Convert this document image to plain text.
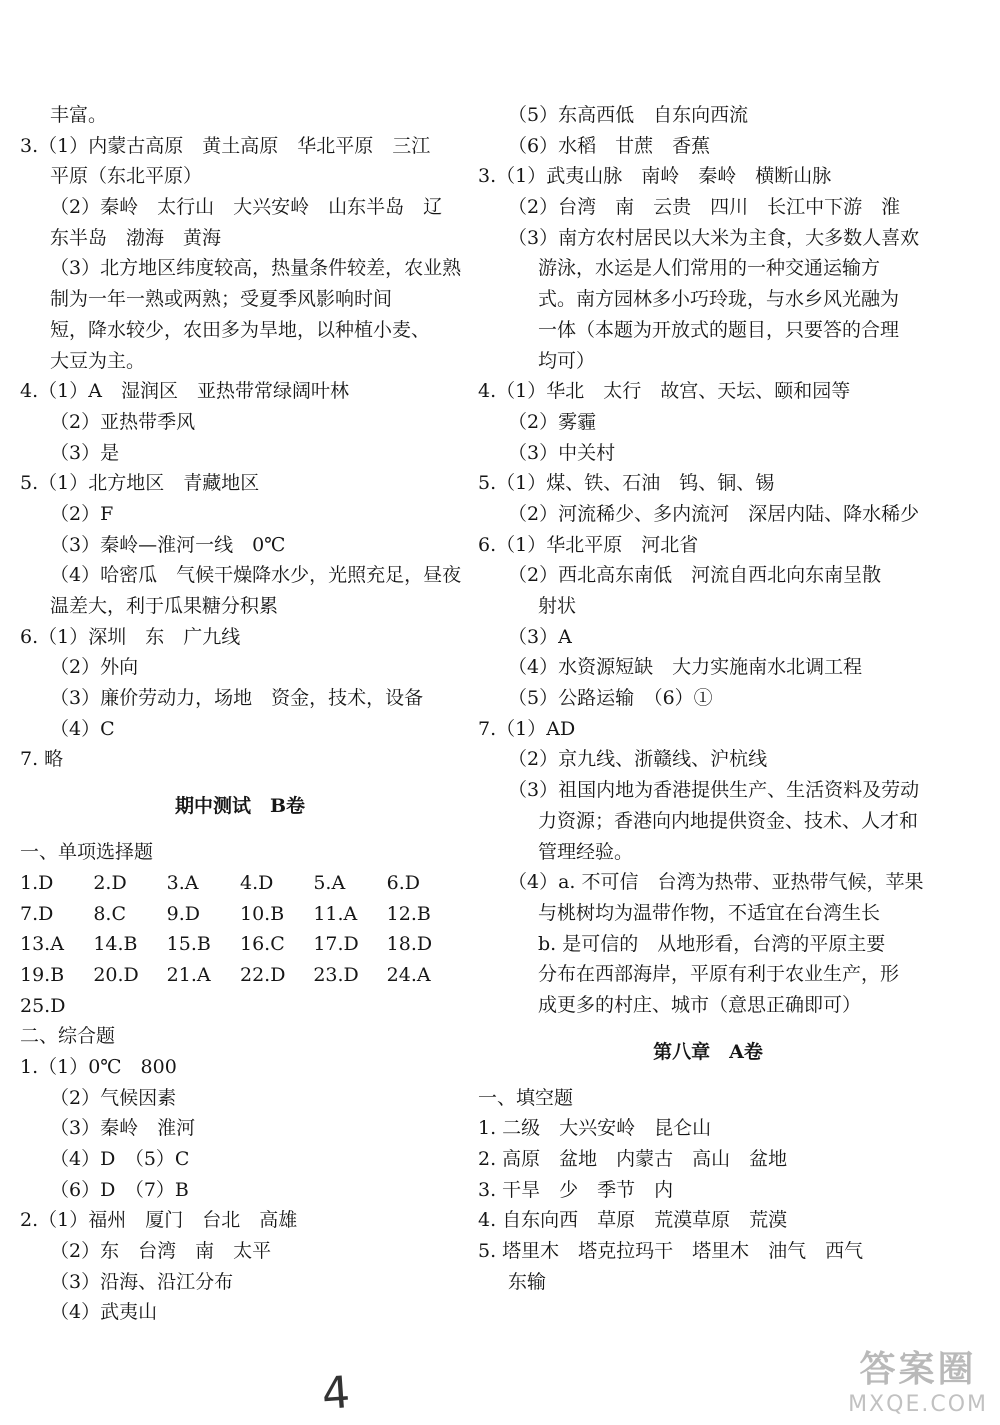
丰富。
3.（1）内蒙古高原　黄土高原　华北平原　三江
平原（东北平原）
（2）秦岭　太行山　大兴安岭　山东半岛　辽
东半岛　渤海　黄海
（3）北方地区纬度较高，热量条件较差，农业熟
制为一年一熟或两熟；受夏季风影响时间
短，降水较少，农田多为旱地，以种植小麦、
大豆为主。
4.（1）A　湿润区　亚热带常绿阔叶林
（2）亚热带季风
（3）是
5.（1）北方地区　青藏地区
（2）F
（3）秦岭—淮河一线　0℃
（4）哈密瓜　气候干燥降水少，光照充足，昼夜
温差大，利于瓜果糖分积累
6.（1）深圳　东　广九线
（2）外向
（3）廉价劳动力，场地　资金，技术，设备
（4）C
7. 略
期中测试　B卷
一、单项选择题
1.D	2.D	3.A	4.D	5.A	6.D
7.D	8.C	9.D	10.B	11.A	12.B
13.A	14.B	15.B	16.C	17.D	18.D
19.B	20.D	21.A	22.D	23.D	24.A
25.D
二、综合题
1.（1）0℃　800
（2）气候因素
（3）秦岭　淮河
（4）D　（5）C
（6）D　（7）B
2.（1）福州　厦门　台北　高雄
（2）东　台湾　南　太平
（3）沿海、沿江分布
（4）武夷山
（5）东高西低　自东向西流
（6）水稻　甘蔗　香蕉
3.（1）武夷山脉　南岭　秦岭　横断山脉
（2）台湾　南　云贵　四川　长江中下游　淮
（3）南方农村居民以大米为主食，大多数人喜欢
游泳，水运是人们常用的一种交通运输方
式。南方园林多小巧玲珑，与水乡风光融为
一体（本题为开放式的题目，只要答的合理
均可）
4.（1）华北　太行　故宫、天坛、颐和园等
（2）雾霾
（3）中关村
5.（1）煤、铁、石油　钨、铜、锡
（2）河流稀少、多内流河　深居内陆、降水稀少
6.（1）华北平原　河北省
（2）西北高东南低　河流自西北向东南呈散
射状
（3）A
（4）水资源短缺　大力实施南水北调工程
（5）公路运输　（6）①
7.（1）AD
（2）京九线、浙赣线、沪杭线
（3）祖国内地为香港提供生产、生活资料及劳动
力资源；香港向内地提供资金、技术、人才和
管理经验。
（4）a. 不可信　台湾为热带、亚热带气候，苹果
与桃树均为温带作物，不适宜在台湾生长
b. 是可信的　从地形看，台湾的平原主要
分布在西部海岸，平原有利于农业生产，形
成更多的村庄、城市（意思正确即可）
第八章　A卷
一、填空题
1. 二级　大兴安岭　昆仑山
2. 高原　盆地　内蒙古　高山　盆地
3. 干旱　少　季节　内
4. 自东向西　草原　荒漠草原　荒漠
5. 塔里木　塔克拉玛干　塔里木　油气　西气
东输
4	答案圈
MXQE.COM
